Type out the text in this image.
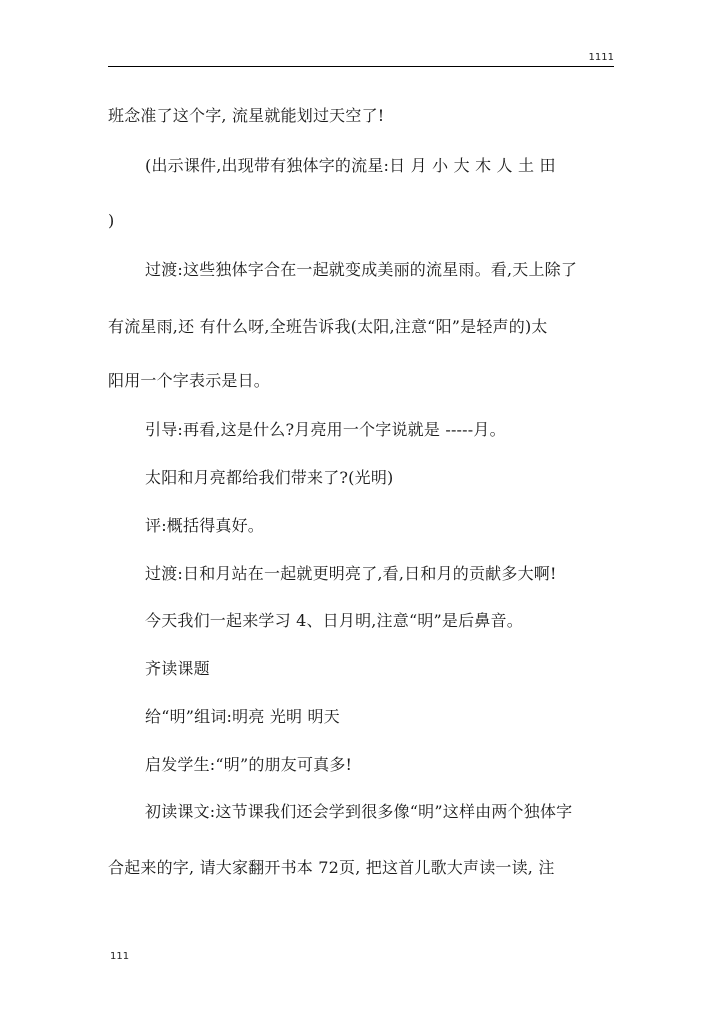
1111
班念准了这个字, 流星就能划过天空了!
(出示课件,出现带有独体字的流星:日 月 小 大 木 人 土 田
)
过渡:这些独体字合在一起就变成美丽的流星雨。看,天上除了
有流星雨,还 有什么呀,全班告诉我(太阳,注意“阳”是轻声的)太
阳用一个字表示是日。
引导:再看,这是什么?月亮用一个字说就是 -----月。
太阳和月亮都给我们带来了?(光明)
评:概括得真好。
过渡:日和月站在一起就更明亮了,看,日和月的贡献多大啊!
今天我们一起来学习 4、日月明,注意“明”是后鼻音。
齐读课题
给“明”组词:明亮 光明 明天
启发学生:“明”的朋友可真多!
初读课文:这节课我们还会学到很多像“明”这样由两个独体字
合起来的字, 请大家翻开书本 72页, 把这首儿歌大声读一读, 注
111
